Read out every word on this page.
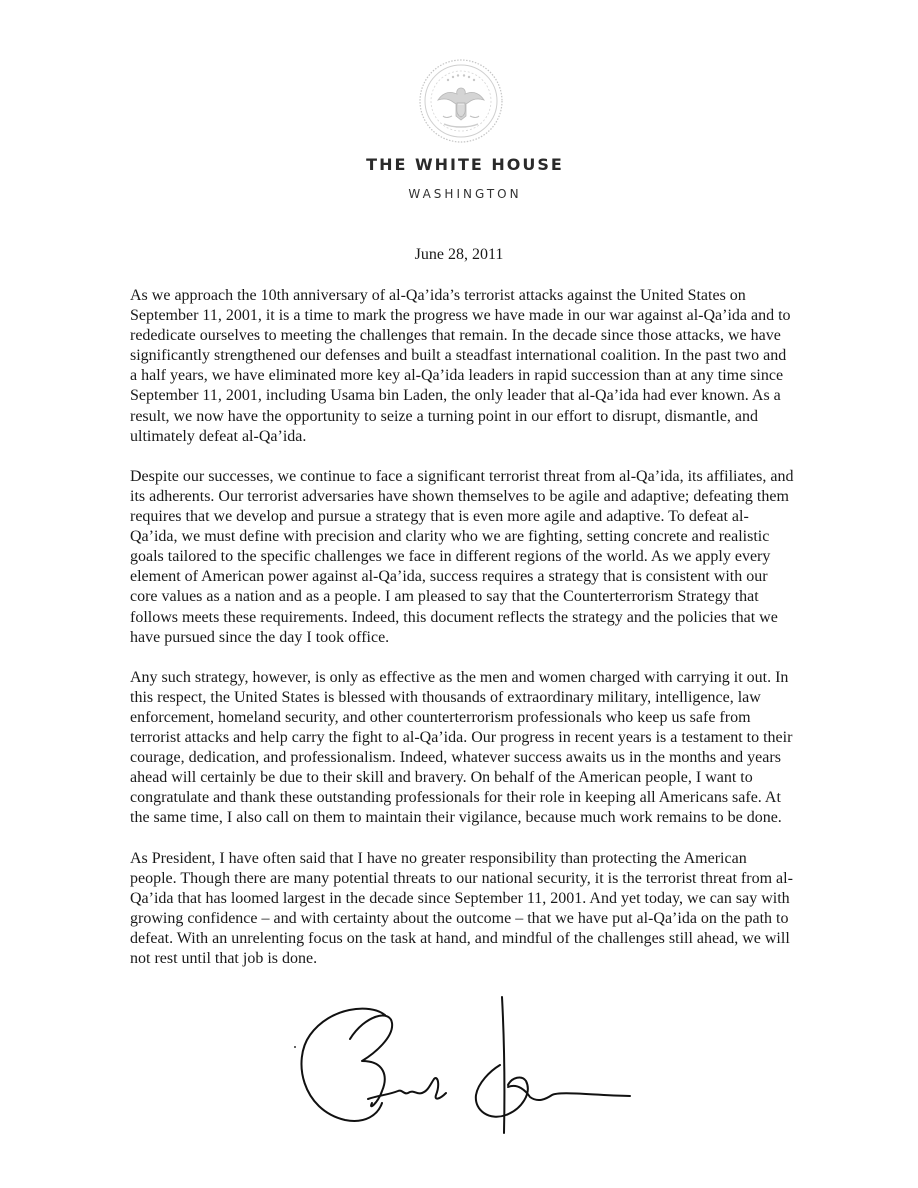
THE WHITE HOUSE
WASHINGTON
June 28, 2011

As we approach the 10th anniversary of al-Qa’ida’s terrorist attacks against the United States on September 11, 2001, it is a time to mark the progress we have made in our war against al-Qa’ida and to rededicate ourselves to meeting the challenges that remain. In the decade since those attacks, we have significantly strengthened our defenses and built a steadfast international coalition. In the past two and a half years, we have eliminated more key al-Qa’ida leaders in rapid succession than at any time since September 11, 2001, including Usama bin Laden, the only leader that al-Qa’ida had ever known. As a result, we now have the opportunity to seize a turning point in our effort to disrupt, dismantle, and ultimately defeat al-Qa’ida.

Despite our successes, we continue to face a significant terrorist threat from al-Qa’ida, its affiliates, and its adherents. Our terrorist adversaries have shown themselves to be agile and adaptive; defeating them requires that we develop and pursue a strategy that is even more agile and adaptive. To defeat al-Qa’ida, we must define with precision and clarity who we are fighting, setting concrete and realistic goals tailored to the specific challenges we face in different regions of the world. As we apply every element of American power against al-Qa’ida, success requires a strategy that is consistent with our core values as a nation and as a people. I am pleased to say that the Counterterrorism Strategy that follows meets these requirements. Indeed, this document reflects the strategy and the policies that we have pursued since the day I took office.

Any such strategy, however, is only as effective as the men and women charged with carrying it out. In this respect, the United States is blessed with thousands of extraordinary military, intelligence, law enforcement, homeland security, and other counterterrorism professionals who keep us safe from terrorist attacks and help carry the fight to al-Qa’ida. Our progress in recent years is a testament to their courage, dedication, and professionalism. Indeed, whatever success awaits us in the months and years ahead will certainly be due to their skill and bravery. On behalf of the American people, I want to congratulate and thank these outstanding professionals for their role in keeping all Americans safe. At the same time, I also call on them to maintain their vigilance, because much work remains to be done.

As President, I have often said that I have no greater responsibility than protecting the American people. Though there are many potential threats to our national security, it is the terrorist threat from al-Qa’ida that has loomed largest in the decade since September 11, 2001. And yet today, we can say with growing confidence – and with certainty about the outcome – that we have put al-Qa’ida on the path to defeat. With an unrelenting focus on the task at hand, and mindful of the challenges still ahead, we will not rest until that job is done.
